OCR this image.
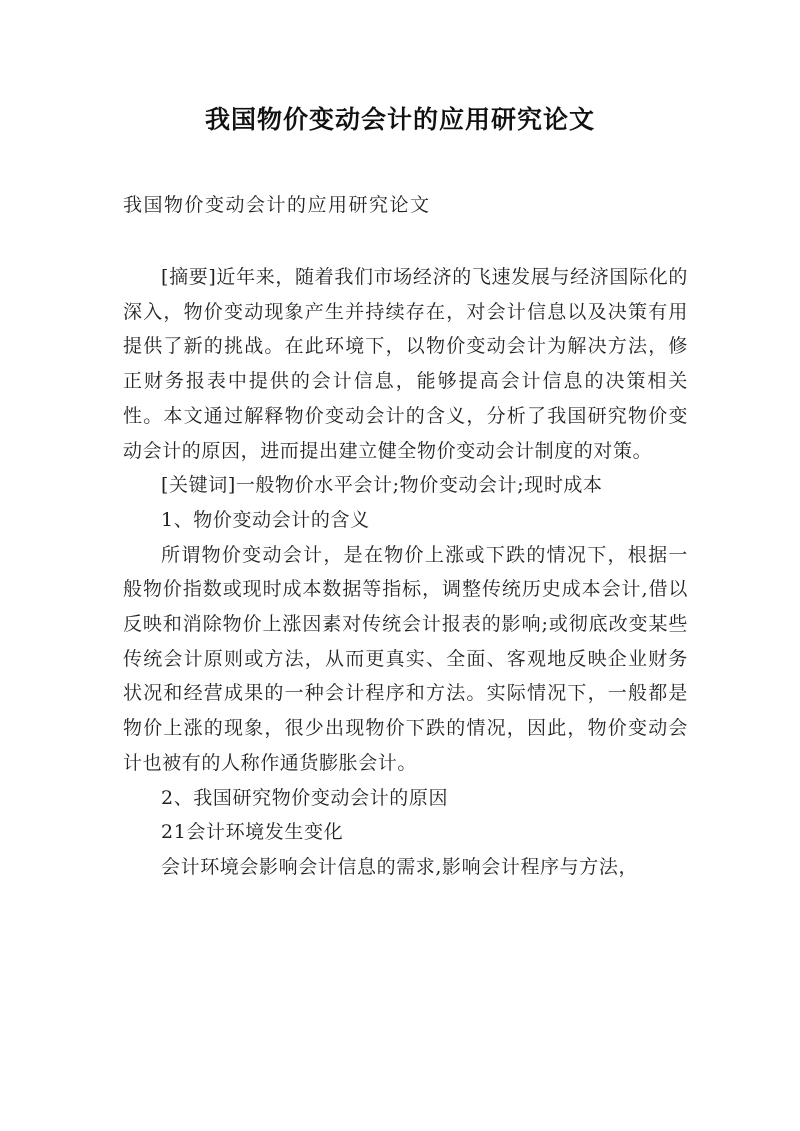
我国物价变动会计的应用研究论文
我国物价变动会计的应用研究论文

[摘要]近年来，随着我们市场经济的飞速发展与经济国际化的深入，物价变动现象产生并持续存在，对会计信息以及决策有用提供了新的挑战。在此环境下，以物价变动会计为解决方法，修正财务报表中提供的会计信息，能够提高会计信息的决策相关性。本文通过解释物价变动会计的含义，分析了我国研究物价变动会计的原因，进而提出建立健全物价变动会计制度的对策。

[关键词]一般物价水平会计;物价变动会计;现时成本

1、物价变动会计的含义

所谓物价变动会计，是在物价上涨或下跌的情况下，根据一般物价指数或现时成本数据等指标，调整传统历史成本会计,借以反映和消除物价上涨因素对传统会计报表的影响;或彻底改变某些传统会计原则或方法，从而更真实、全面、客观地反映企业财务状况和经营成果的一种会计程序和方法。实际情况下，一般都是物价上涨的现象，很少出现物价下跌的情况，因此，物价变动会计也被有的人称作通货膨胀会计。

2、我国研究物价变动会计的原因

21会计环境发生变化

会计环境会影响会计信息的需求,影响会计程序与方法，
